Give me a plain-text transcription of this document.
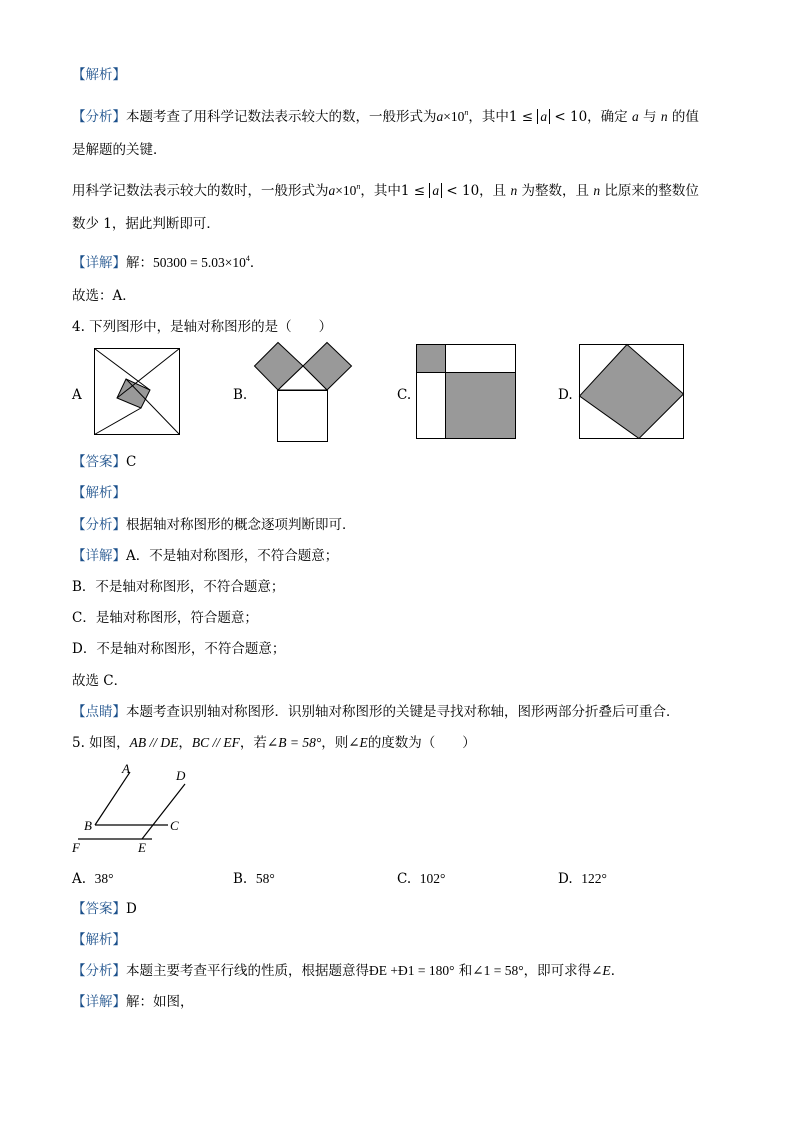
【解析】
【分析】本题考查了用科学记数法表示较大的数，一般形式为$a\times 10^n$，其中1 ≤ a < 10，确定 a 与 n 的值
是解题的关键．
用科学记数法表示较大的数时，一般形式为$a\times 10^n$，其中1 ≤ a < 10，且 n 为整数，且 n 比原来的整数位
数少 1，据此判断即可．
【详解】解：$50300 = 5.03\times 10^4$．
故选：A．
4. 下列图形中，是轴对称图形的是（　　）
A	B.	C.	D.
【答案】C
【解析】
【分析】根据轴对称图形的概念逐项判断即可．
【详解】A．不是轴对称图形，不符合题意；
B．不是轴对称图形，不符合题意；
C．是轴对称图形，符合题意；
D．不是轴对称图形，不符合题意；
故选 C．
【点睛】本题考查识别轴对称图形．识别轴对称图形的关键是寻找对称轴，图形两部分折叠后可重合．
5. 如图，AB // DE，BC // EF，若∠B = 58°，则∠E的度数为（　　）
A	D
B	C
F	E
A. 38°	B. 58°	C. 102°	D. 122°
【答案】D
【解析】
【分析】本题主要考查平行线的性质，根据题意得ÐE +Ð1 = 180° 和∠1 = 58°，即可求得∠E．
【详解】解：如图，
